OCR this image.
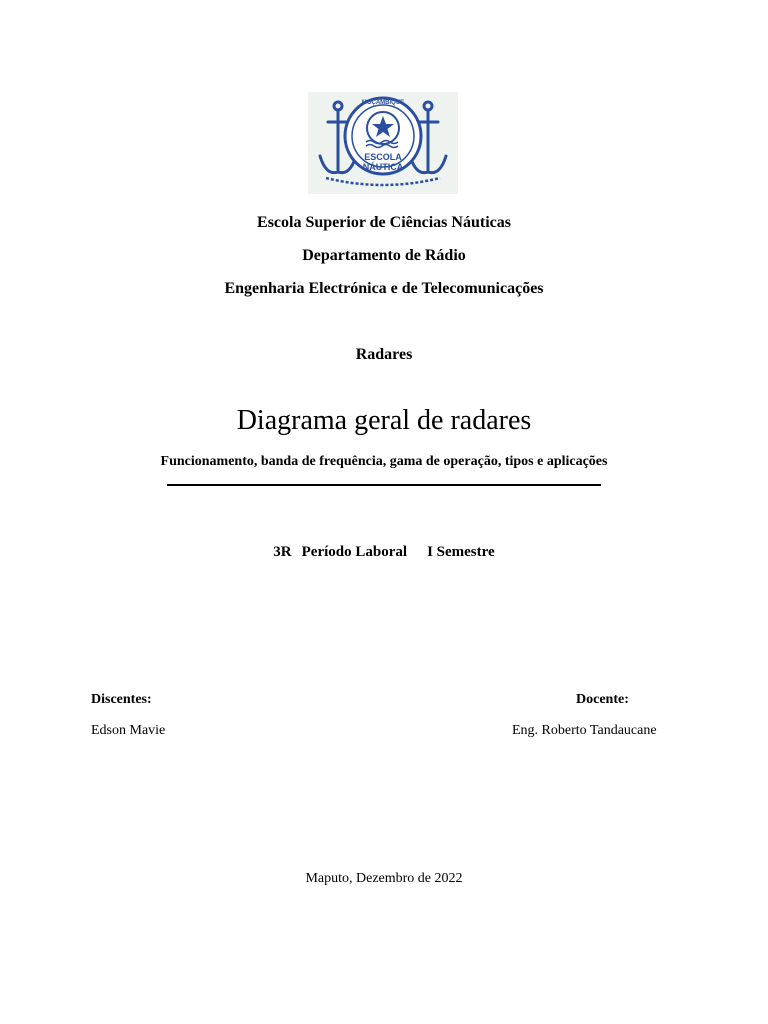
MOÇAMBIQUE
ESCOLA
NÁUTICA
Escola Superior de Ciências Náuticas
Departamento de Rádio
Engenharia Electrónica e de Telecomunicações
Radares
Diagrama geral de radares
Funcionamento, banda de frequência, gama de operação, tipos e aplicações
3R Período Laboral I Semestre
Discentes:
Edson Mavie
Docente:
Eng. Roberto Tandaucane
Maputo, Dezembro de 2022
